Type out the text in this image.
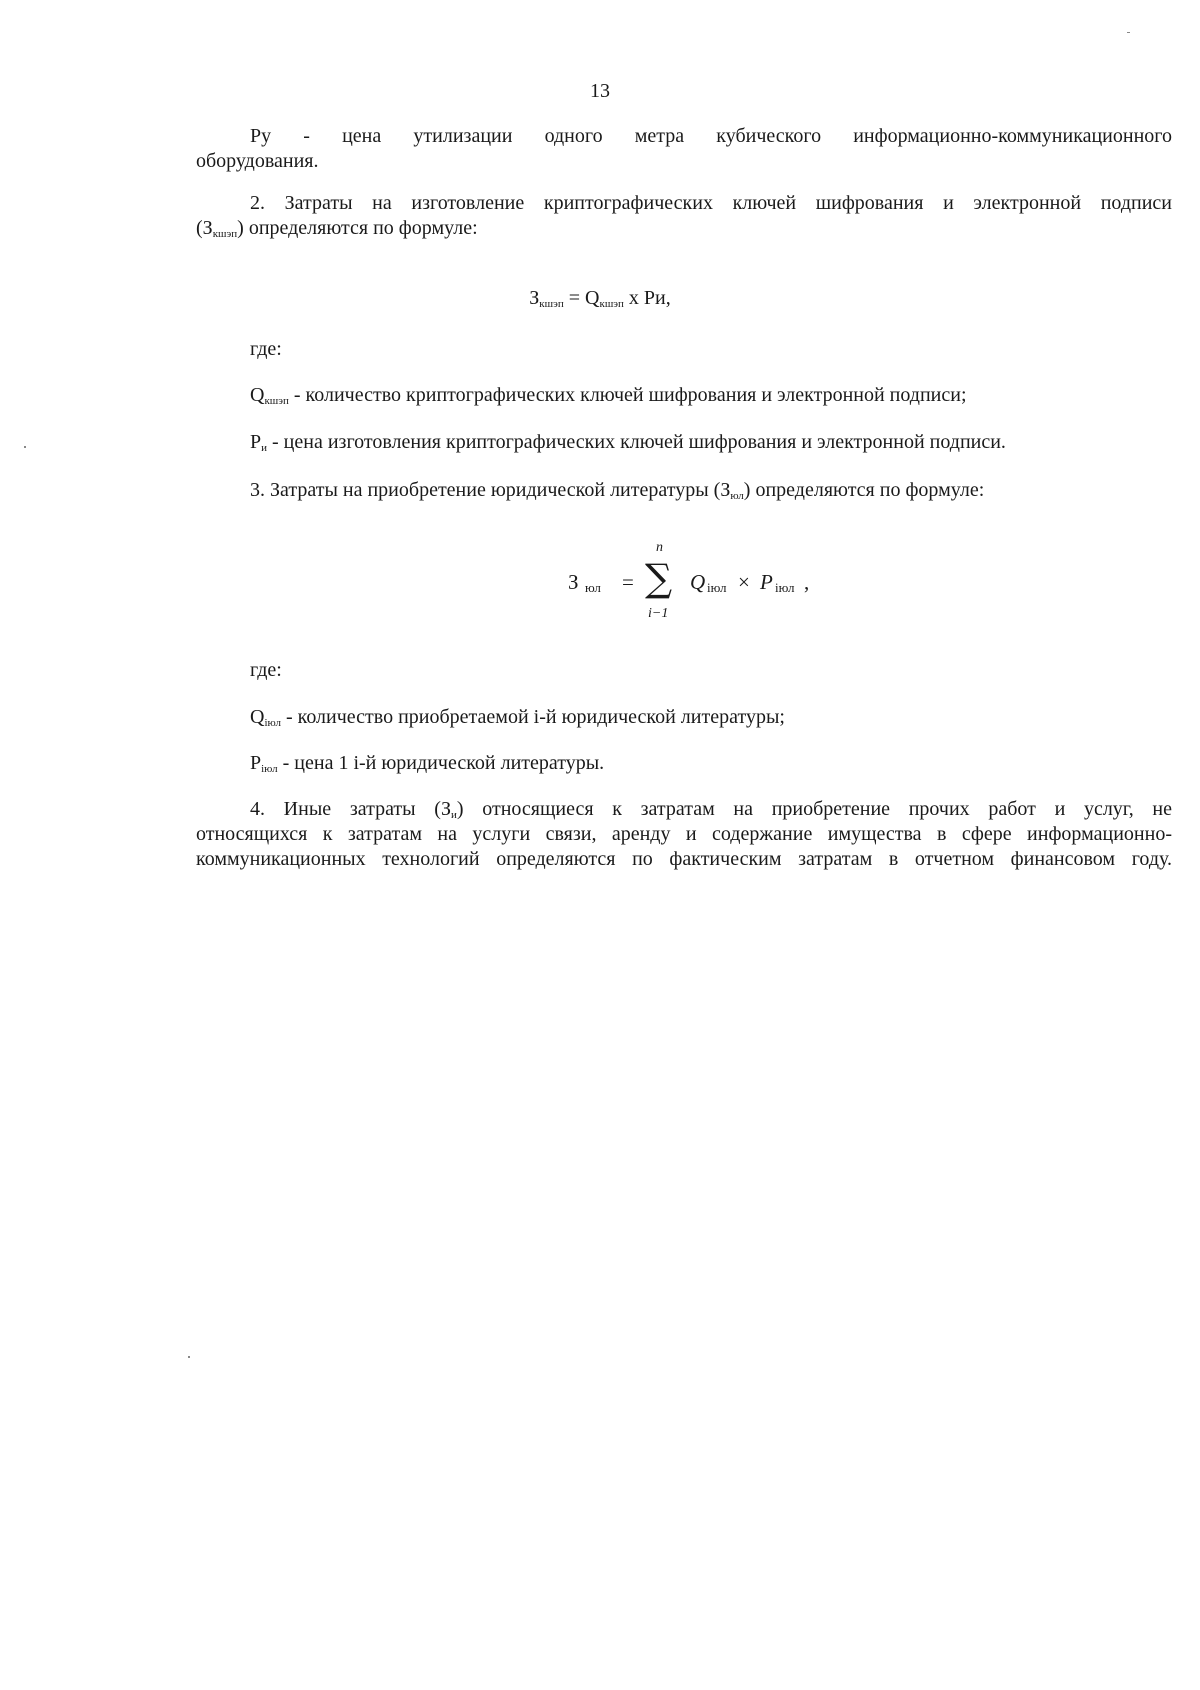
13
Ру - цена утилизации одного метра кубического информационно-коммуникационного
оборудования.
2. Затраты на изготовление криптографических ключей шифрования и электронной подписи
$(З_{кшэп})$ определяются по формуле:
$З_{кшэп} = Q_{кшэп}$ x Pи,
где:
$Q_{кшэп}$ - количество криптографических ключей шифрования и электронной подписи;
$P_и$ - цена изготовления криптографических ключей шифрования и электронной подписи.
3. Затраты на приобретение юридической литературы $(З_{юл})$ определяются по формуле:
З юл =
n
∑
i−1
Q iюл × P iюл ,
где:
$Q_{iюл}$ - количество приобретаемой i-й юридической литературы;
$P_{iюл}$ - цена 1 i-й юридической литературы.
4. Иные затраты $(З_и)$ относящиеся к затратам на приобретение прочих работ и услуг, не
относящихся к затратам на услуги связи, аренду и содержание имущества в сфере информационно-
коммуникационных технологий определяются по фактическим затратам в отчетном финансовом году.
